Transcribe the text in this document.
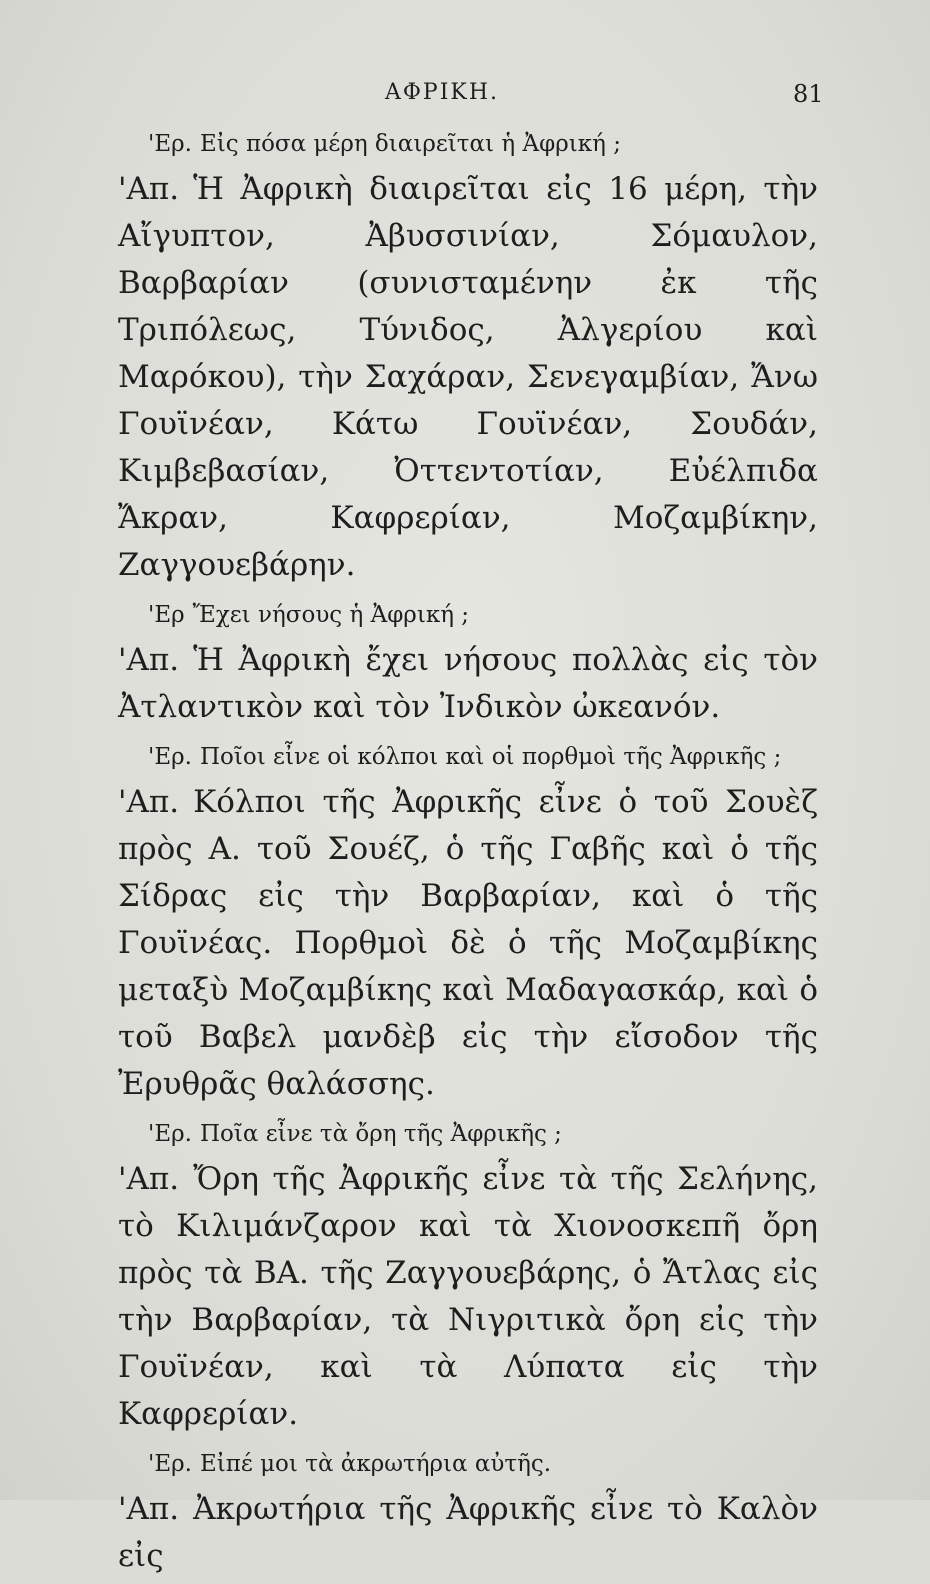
ΑΦΡΙΚΗ.	81
'Ερ. Εἰς πόσα μέρη διαιρεῖται ἡ Ἀφρική ;
'Απ. Ἡ Ἀφρικὴ διαιρεῖται εἰς 16 μέρη, τὴν Αἴγυπτον, Ἀβυσσινίαν, Σόμαυλον, Βαρβαρίαν (συνισταμένην ἐκ τῆς Τριπόλεως, Τύνιδος, Ἀλγερίου καὶ Μαρόκου), τὴν Σαχάραν, Σενεγαμβίαν, Ἄνω Γουϊνέαν, Κάτω Γουϊνέαν, Σουδάν, Κιμβεβασίαν, Ὀττεντοτίαν, Εὐέλπιδα Ἄκραν, Καφρερίαν, Μοζαμβίκην, Ζαγγουεβάρην.
'Ερ Ἔχει νήσους ἡ Ἀφρική ;
'Απ. Ἡ Ἀφρικὴ ἔχει νήσους πολλὰς εἰς τὸν Ἀτλαντικὸν καὶ τὸν Ἰνδικὸν ὠκεανόν.
'Ερ. Ποῖοι εἶνε οἱ κόλποι καὶ οἱ πορθμοὶ τῆς Ἀφρικῆς ;
'Απ. Κόλποι τῆς Ἀφρικῆς εἶνε ὁ τοῦ Σουὲζ πρὸς Α. τοῦ Σουέζ, ὁ τῆς Γαβῆς καὶ ὁ τῆς Σίδρας εἰς τὴν Βαρβαρίαν, καὶ ὁ τῆς Γουϊνέας. Πορθμοὶ δὲ ὁ τῆς Μοζαμβίκης μεταξὺ Μοζαμβίκης καὶ Μαδαγασκάρ, καὶ ὁ τοῦ Βαβελ μανδὲβ εἰς τὴν εἴσοδον τῆς Ἐρυθρᾶς θαλάσσης.
'Ερ. Ποῖα εἶνε τὰ ὄρη τῆς Ἀφρικῆς ;
'Απ. Ὄρη τῆς Ἀφρικῆς εἶνε τὰ τῆς Σελήνης, τὸ Κιλιμάνζαρον καὶ τὰ Χιονοσκεπῆ ὄρη πρὸς τὰ ΒΑ. τῆς Ζαγγουεβάρης, ὁ Ἄτλας εἰς τὴν Βαρβαρίαν, τὰ Νιγριτικὰ ὄρη εἰς τὴν Γουϊνέαν, καὶ τὰ Λύπατα εἰς τὴν Καφρερίαν.
'Ερ. Εἰπέ μοι τὰ ἀκρωτήρια αὐτῆς.
'Απ. Ἀκρωτήρια τῆς Ἀφρικῆς εἶνε τὸ Καλὸν εἰς
